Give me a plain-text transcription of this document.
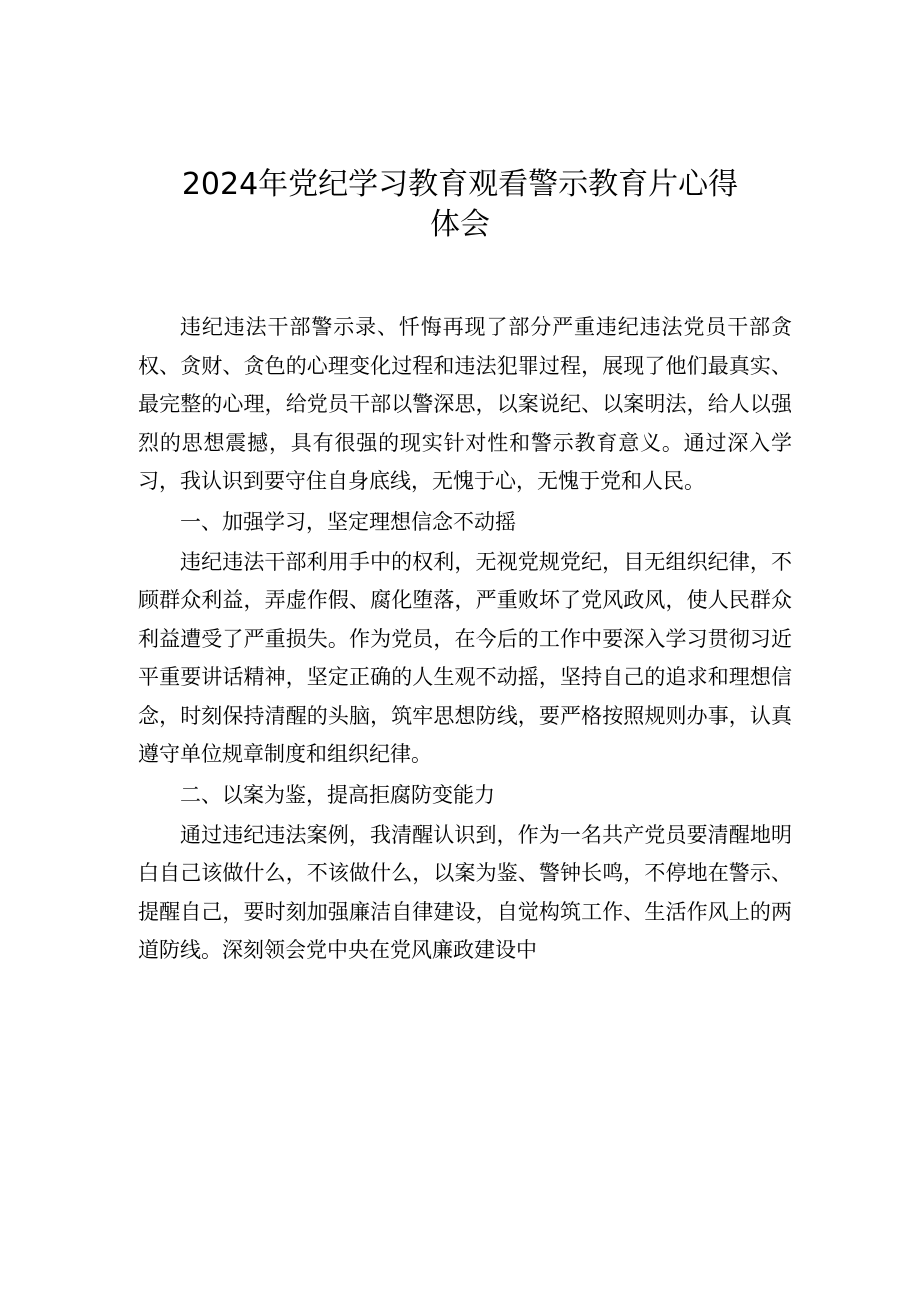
2024年党纪学习教育观看警示教育片心得
体会

违纪违法干部警示录、忏悔再现了部分严重违纪违法党员干部贪权、贪财、贪色的心理变化过程和违法犯罪过程，展现了他们最真实、最完整的心理，给党员干部以警深思，以案说纪、以案明法，给人以强烈的思想震撼，具有很强的现实针对性和警示教育意义。通过深入学习，我认识到要守住自身底线，无愧于心，无愧于党和人民。

一、加强学习，坚定理想信念不动摇

违纪违法干部利用手中的权利，无视党规党纪，目无组织纪律，不顾群众利益，弄虚作假、腐化堕落，严重败坏了党风政风，使人民群众利益遭受了严重损失。作为党员，在今后的工作中要深入学习贯彻习近平重要讲话精神，坚定正确的人生观不动摇，坚持自己的追求和理想信念，时刻保持清醒的头脑，筑牢思想防线，要严格按照规则办事，认真遵守单位规章制度和组织纪律。

二、以案为鉴，提高拒腐防变能力

通过违纪违法案例，我清醒认识到，作为一名共产党员要清醒地明白自己该做什么，不该做什么，以案为鉴、警钟长鸣，不停地在警示、提醒自己，要时刻加强廉洁自律建设，自觉构筑工作、生活作风上的两道防线。深刻领会党中央在党风廉政建设中
